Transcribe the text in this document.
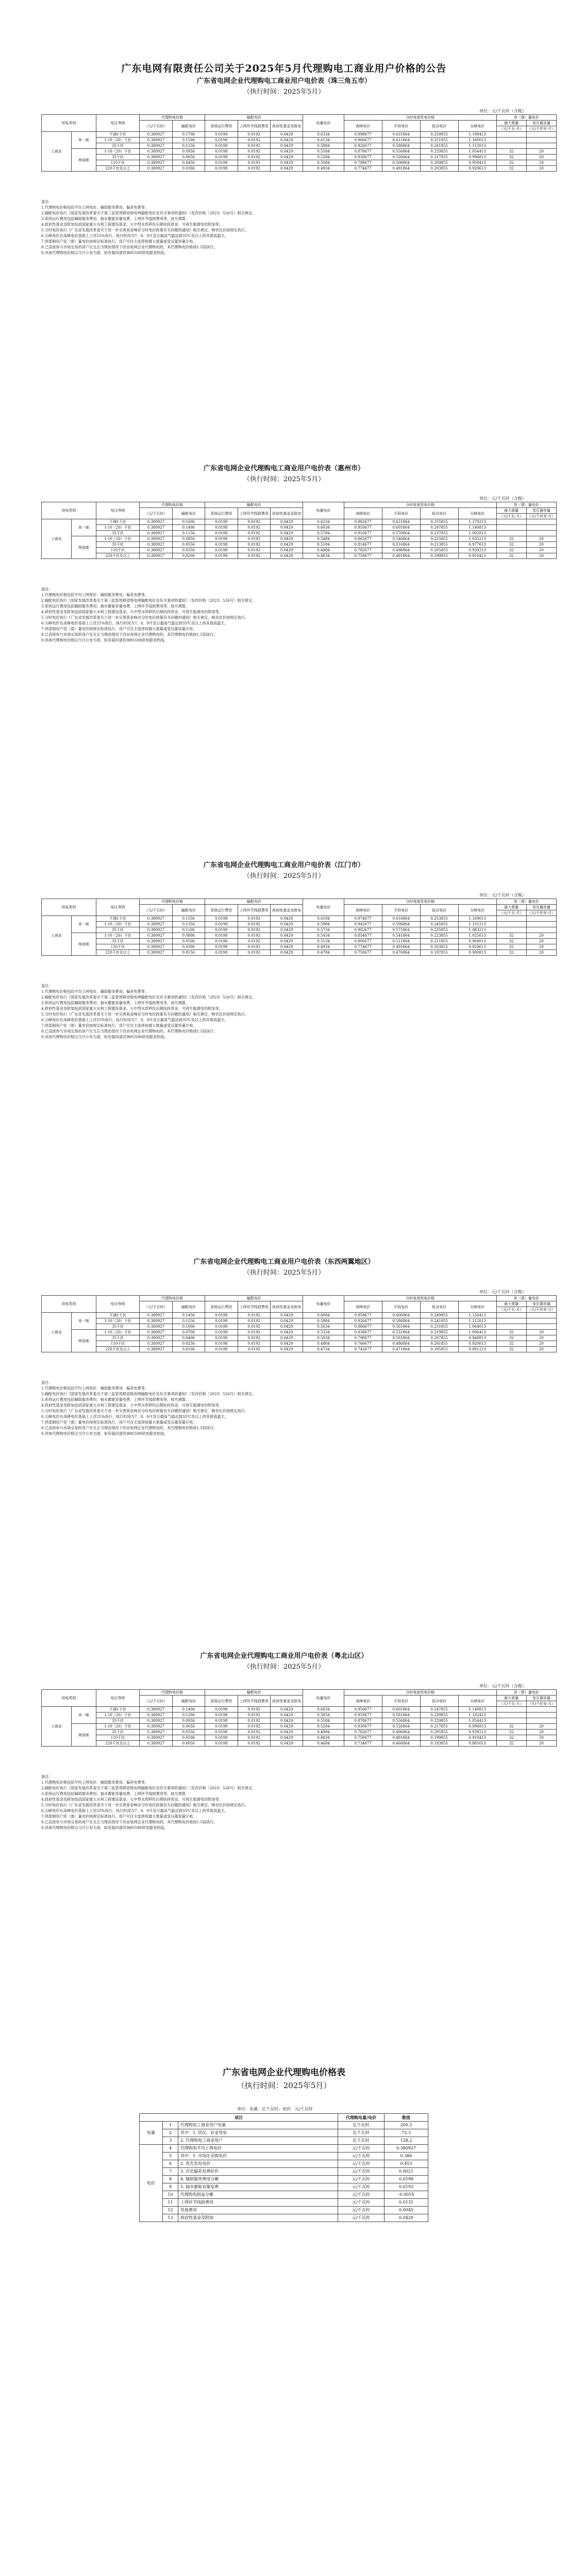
广东电网有限责任公司关于2025年5月代理购电工商业用户价格的公告
广东省电网企业代理购电工商业用户电价表（珠三角五市）
（执行时间：2025年5月）
单位：元/千瓦时（含税）
用电类别		电压等级	代理购电价格		输配电价			电量电价	分时电度用电价格				容（需）量电价	
			（元/千瓦时）	输配电价	系统运行费用	上网环节线损费用	政府性基金及附加		高峰电价	平段电价	低谷电价	尖峰电价	最大需量	变压器容量
													（元/千瓦·月）	（元/千伏安·月）
工商业	单一制	不满1千伏	0.380927	0.1706	0.0198	0.0192	0.0429	0.6334	0.998677	0.631864	0.259855	1.198413		
		1-10（20）千伏	0.380927	0.1506	0.0198	0.0192	0.0429	0.6134	0.966677	0.611864	0.251855	1.160013		
		35千伏	0.380927	0.1256	0.0198	0.0192	0.0429	0.5884	0.926677	0.586864	0.241855	1.112013		
	两部制	1-10（20）千伏	0.380927	0.0956	0.0198	0.0192	0.0429	0.5584	0.878677	0.556864	0.229855	1.054413	32	20
		35千伏	0.380927	0.0656	0.0198	0.0192	0.0429	0.5284	0.830677	0.526864	0.217855	0.996813	32	20
		110千伏	0.380927	0.0456	0.0198	0.0192	0.0429	0.5084	0.798677	0.506864	0.209855	0.958413	32	20
		220千伏及以上	0.380927	0.0306	0.0198	0.0192	0.0429	0.4934	0.774677	0.491864	0.203855	0.929613	32	20
备注：
1.代理购电价格包括平均上网电价、辅助服务费用、偏差电费等。
2.输配电价执行《国家发展改革委关于第三监管周期省级电网输配电价及有关事项的通知》（发改价格〔2023〕526号）相关规定。
3.系统运行费用包括辅助服务费用、抽水蓄能容量电费、上网环节线损费用等，按月测算。
4.政府性基金及附加包括国家重大水利工程建设基金、大中型水库移民后期扶持资金、可再生能源电价附加等。
5.分时电价执行《广东省发展改革委关于进一步完善我省峰谷分时电价政策有关问题的通知》相关规定，峰谷比价按规定执行。
6.尖峰电价在高峰电价基础上上浮25%执行，执行时间为7、8、9月及日最高气温达到35℃及以上的其他高温天。
7.两部制用户容（需）量电价按规定标准执行，用户可自主选择按最大需量或变压器容量计收。
8.已直接参与市场交易的用户在无正当理由情况下改由电网企业代理购电的，其代理购电价格按1.5倍执行。
9.具体代理购电价格以当月公布为准，如有疑问请咨询95598供电服务热线。
广东省电网企业代理购电工商业用户电价表（惠州市）
（执行时间：2025年5月）
单位：元/千瓦时（含税）
用电类别		电压等级	代理购电价格		输配电价			电量电价	分时电度用电价格				容（需）量电价	
			（元/千瓦时）	输配电价	系统运行费用	上网环节线损费用	政府性基金及附加		高峰电价	平段电价	低谷电价	尖峰电价	最大需量	变压器容量
													（元/千瓦·月）	（元/千伏安·月）
工商业	单一制	不满1千伏	0.380927	0.1606	0.0198	0.0192	0.0429	0.6234	0.982677	0.621864	0.255855	1.179213		
		1-10（20）千伏	0.380927	0.1406	0.0198	0.0192	0.0429	0.6034	0.950677	0.601864	0.247855	1.140813		
		35千伏	0.380927	0.1156	0.0198	0.0192	0.0429	0.5784	0.910677	0.576864	0.237855	1.092813		
	两部制	1-10（20）千伏	0.380927	0.0856	0.0198	0.0192	0.0429	0.5484	0.862677	0.546864	0.225855	1.035213	32	20
		35千伏	0.380927	0.0556	0.0198	0.0192	0.0429	0.5184	0.814677	0.516864	0.213855	0.977613	32	20
		110千伏	0.380927	0.0356	0.0198	0.0192	0.0429	0.4984	0.782677	0.496864	0.205855	0.939213	32	20
		220千伏及以上	0.380927	0.0206	0.0198	0.0192	0.0429	0.4834	0.758677	0.481864	0.199855	0.910413	32	20
备注：
1.代理购电价格包括平均上网电价、辅助服务费用、偏差电费等。
2.输配电价执行《国家发展改革委关于第三监管周期省级电网输配电价及有关事项的通知》（发改价格〔2023〕526号）相关规定。
3.系统运行费用包括辅助服务费用、抽水蓄能容量电费、上网环节线损费用等，按月测算。
4.政府性基金及附加包括国家重大水利工程建设基金、大中型水库移民后期扶持资金、可再生能源电价附加等。
5.分时电价执行《广东省发展改革委关于进一步完善我省峰谷分时电价政策有关问题的通知》相关规定，峰谷比价按规定执行。
6.尖峰电价在高峰电价基础上上浮25%执行，执行时间为7、8、9月及日最高气温达到35℃及以上的其他高温天。
7.两部制用户容（需）量电价按规定标准执行，用户可自主选择按最大需量或变压器容量计收。
8.已直接参与市场交易的用户在无正当理由情况下改由电网企业代理购电的，其代理购电价格按1.5倍执行。
9.具体代理购电价格以当月公布为准，如有疑问请咨询95598供电服务热线。
广东省电网企业代理购电工商业用户电价表（江门市）
（执行时间：2025年5月）
单位：元/千瓦时（含税）
用电类别		电压等级	代理购电价格		输配电价			电量电价	分时电度用电价格				容（需）量电价	
			（元/千瓦时）	输配电价	系统运行费用	上网环节线损费用	政府性基金及附加		高峰电价	平段电价	低谷电价	尖峰电价	最大需量	变压器容量
													（元/千瓦·月）	（元/千伏安·月）
工商业	单一制	不满1千伏	0.380927	0.1556	0.0198	0.0192	0.0429	0.6184	0.974677	0.616864	0.253855	1.169613		
		1-10（20）千伏	0.380927	0.1356	0.0198	0.0192	0.0429	0.5984	0.942677	0.596864	0.245855	1.131213		
		35千伏	0.380927	0.1106	0.0198	0.0192	0.0429	0.5734	0.902677	0.571864	0.235855	1.083213		
	两部制	1-10（20）千伏	0.380927	0.0806	0.0198	0.0192	0.0429	0.5434	0.854677	0.541864	0.223855	1.025613	32	20
		35千伏	0.380927	0.0506	0.0198	0.0192	0.0429	0.5134	0.806677	0.511864	0.211855	0.968013	32	20
		110千伏	0.380927	0.0306	0.0198	0.0192	0.0429	0.4934	0.774677	0.491864	0.203855	0.929613	32	20
		220千伏及以上	0.380927	0.0156	0.0198	0.0192	0.0429	0.4784	0.750677	0.476864	0.197855	0.900813	32	20
备注：
1.代理购电价格包括平均上网电价、辅助服务费用、偏差电费等。
2.输配电价执行《国家发展改革委关于第三监管周期省级电网输配电价及有关事项的通知》（发改价格〔2023〕526号）相关规定。
3.系统运行费用包括辅助服务费用、抽水蓄能容量电费、上网环节线损费用等，按月测算。
4.政府性基金及附加包括国家重大水利工程建设基金、大中型水库移民后期扶持资金、可再生能源电价附加等。
5.分时电价执行《广东省发展改革委关于进一步完善我省峰谷分时电价政策有关问题的通知》相关规定，峰谷比价按规定执行。
6.尖峰电价在高峰电价基础上上浮25%执行，执行时间为7、8、9月及日最高气温达到35℃及以上的其他高温天。
7.两部制用户容（需）量电价按规定标准执行，用户可自主选择按最大需量或变压器容量计收。
8.已直接参与市场交易的用户在无正当理由情况下改由电网企业代理购电的，其代理购电价格按1.5倍执行。
9.具体代理购电价格以当月公布为准，如有疑问请咨询95598供电服务热线。
广东省电网企业代理购电工商业用户电价表（东西两翼地区）
（执行时间：2025年5月）
单位：元/千瓦时（含税）
用电类别		电压等级	代理购电价格		输配电价			电量电价	分时电度用电价格				容（需）量电价	
			（元/千瓦时）	输配电价	系统运行费用	上网环节线损费用	政府性基金及附加		高峰电价	平段电价	低谷电价	尖峰电价	最大需量	变压器容量
													（元/千瓦·月）	（元/千伏安·月）
工商业	单一制	不满1千伏	0.380927	0.1456	0.0198	0.0192	0.0429	0.6084	0.958677	0.606864	0.249855	1.150413		
		1-10（20）千伏	0.380927	0.1256	0.0198	0.0192	0.0429	0.5884	0.926677	0.586864	0.241855	1.112013		
		35千伏	0.380927	0.1006	0.0198	0.0192	0.0429	0.5634	0.886677	0.561864	0.231855	1.064013		
	两部制	1-10（20）千伏	0.380927	0.0706	0.0198	0.0192	0.0429	0.5334	0.838677	0.531864	0.219855	1.006413	32	20
		35千伏	0.380927	0.0406	0.0198	0.0192	0.0429	0.5034	0.790677	0.501864	0.207855	0.948813	32	20
		110千伏	0.380927	0.0256	0.0198	0.0192	0.0429	0.4884	0.766677	0.486864	0.201855	0.920013	32	20
		220千伏及以上	0.380927	0.0106	0.0198	0.0192	0.0429	0.4734	0.742677	0.471864	0.195855	0.891213	32	20
备注：
1.代理购电价格包括平均上网电价、辅助服务费用、偏差电费等。
2.输配电价执行《国家发展改革委关于第三监管周期省级电网输配电价及有关事项的通知》（发改价格〔2023〕526号）相关规定。
3.系统运行费用包括辅助服务费用、抽水蓄能容量电费、上网环节线损费用等，按月测算。
4.政府性基金及附加包括国家重大水利工程建设基金、大中型水库移民后期扶持资金、可再生能源电价附加等。
5.分时电价执行《广东省发展改革委关于进一步完善我省峰谷分时电价政策有关问题的通知》相关规定，峰谷比价按规定执行。
6.尖峰电价在高峰电价基础上上浮25%执行，执行时间为7、8、9月及日最高气温达到35℃及以上的其他高温天。
7.两部制用户容（需）量电价按规定标准执行，用户可自主选择按最大需量或变压器容量计收。
8.已直接参与市场交易的用户在无正当理由情况下改由电网企业代理购电的，其代理购电价格按1.5倍执行。
9.具体代理购电价格以当月公布为准，如有疑问请咨询95598供电服务热线。
广东省电网企业代理购电工商业用户电价表（粤北山区）
（执行时间：2025年5月）
单位：元/千瓦时（含税）
用电类别		电压等级	代理购电价格		输配电价			电量电价	分时电度用电价格				容（需）量电价	
			（元/千瓦时）	输配电价	系统运行费用	上网环节线损费用	政府性基金及附加		高峰电价	平段电价	低谷电价	尖峰电价	最大需量	变压器容量
													（元/千瓦·月）	（元/千伏安·月）
工商业	单一制	不满1千伏	0.380927	0.1406	0.0198	0.0192	0.0429	0.6034	0.950677	0.601864	0.247855	1.140813		
		1-10（20）千伏	0.380927	0.1206	0.0198	0.0192	0.0429	0.5834	0.918677	0.581864	0.239855	1.102413		
		35千伏	0.380927	0.0956	0.0198	0.0192	0.0429	0.5584	0.878677	0.556864	0.229855	1.054413		
	两部制	1-10（20）千伏	0.380927	0.0656	0.0198	0.0192	0.0429	0.5284	0.830677	0.526864	0.217855	0.996813	32	20
		35千伏	0.380927	0.0356	0.0198	0.0192	0.0429	0.4984	0.782677	0.496864	0.205855	0.939213	32	20
		110千伏	0.380927	0.0206	0.0198	0.0192	0.0429	0.4834	0.758677	0.481864	0.199855	0.910413	32	20
		220千伏及以上	0.380927	0.0056	0.0198	0.0192	0.0429	0.4684	0.734677	0.466864	0.193855	0.881613	32	20
备注：
1.代理购电价格包括平均上网电价、辅助服务费用、偏差电费等。
2.输配电价执行《国家发展改革委关于第三监管周期省级电网输配电价及有关事项的通知》（发改价格〔2023〕526号）相关规定。
3.系统运行费用包括辅助服务费用、抽水蓄能容量电费、上网环节线损费用等，按月测算。
4.政府性基金及附加包括国家重大水利工程建设基金、大中型水库移民后期扶持资金、可再生能源电价附加等。
5.分时电价执行《广东省发展改革委关于进一步完善我省峰谷分时电价政策有关问题的通知》相关规定，峰谷比价按规定执行。
6.尖峰电价在高峰电价基础上上浮25%执行，执行时间为7、8、9月及日最高气温达到35℃及以上的其他高温天。
7.两部制用户容（需）量电价按规定标准执行，用户可自主选择按最大需量或变压器容量计收。
8.已直接参与市场交易的用户在无正当理由情况下改由电网企业代理购电的，其代理购电价格按1.5倍执行。
9.具体代理购电价格以当月公布为准，如有疑问请咨询95598供电服务热线。
广东省电网企业代理购电价格表
（执行时间：2025年5月）
单位：电量：亿千瓦时；电价：元/千瓦时
项目			代理购电量/电价	数值
电量	1	代理购电工商业用户电量	亿千瓦时	200.5
	2	其中：1. 居民、农业用电	亿千瓦时	72.3
	3	2. 代理购电工商业用户	亿千瓦时	128.2
电价	4	代理购电平均上网电价	元/千瓦时	0.380927
	5	其中：1. 市场化采购电价	元/千瓦时	0.386
	6	2. 优先发电电价	元/千瓦时	0.453
	7	3. 历史偏差电费折价	元/千瓦时	0.0021
	8	4. 辅助服务费用分摊	元/千瓦时	0.0198
	9	5. 抽水蓄能容量电费	元/千瓦时	0.0192
	10	代理购电损益分摊	元/千瓦时	-0.0018
	11	上网环节线损费用	元/千瓦时	0.0131
	12	其他费用	元/千瓦时	0.0045
	13	政府性基金及附加	元/千瓦时	0.0429
